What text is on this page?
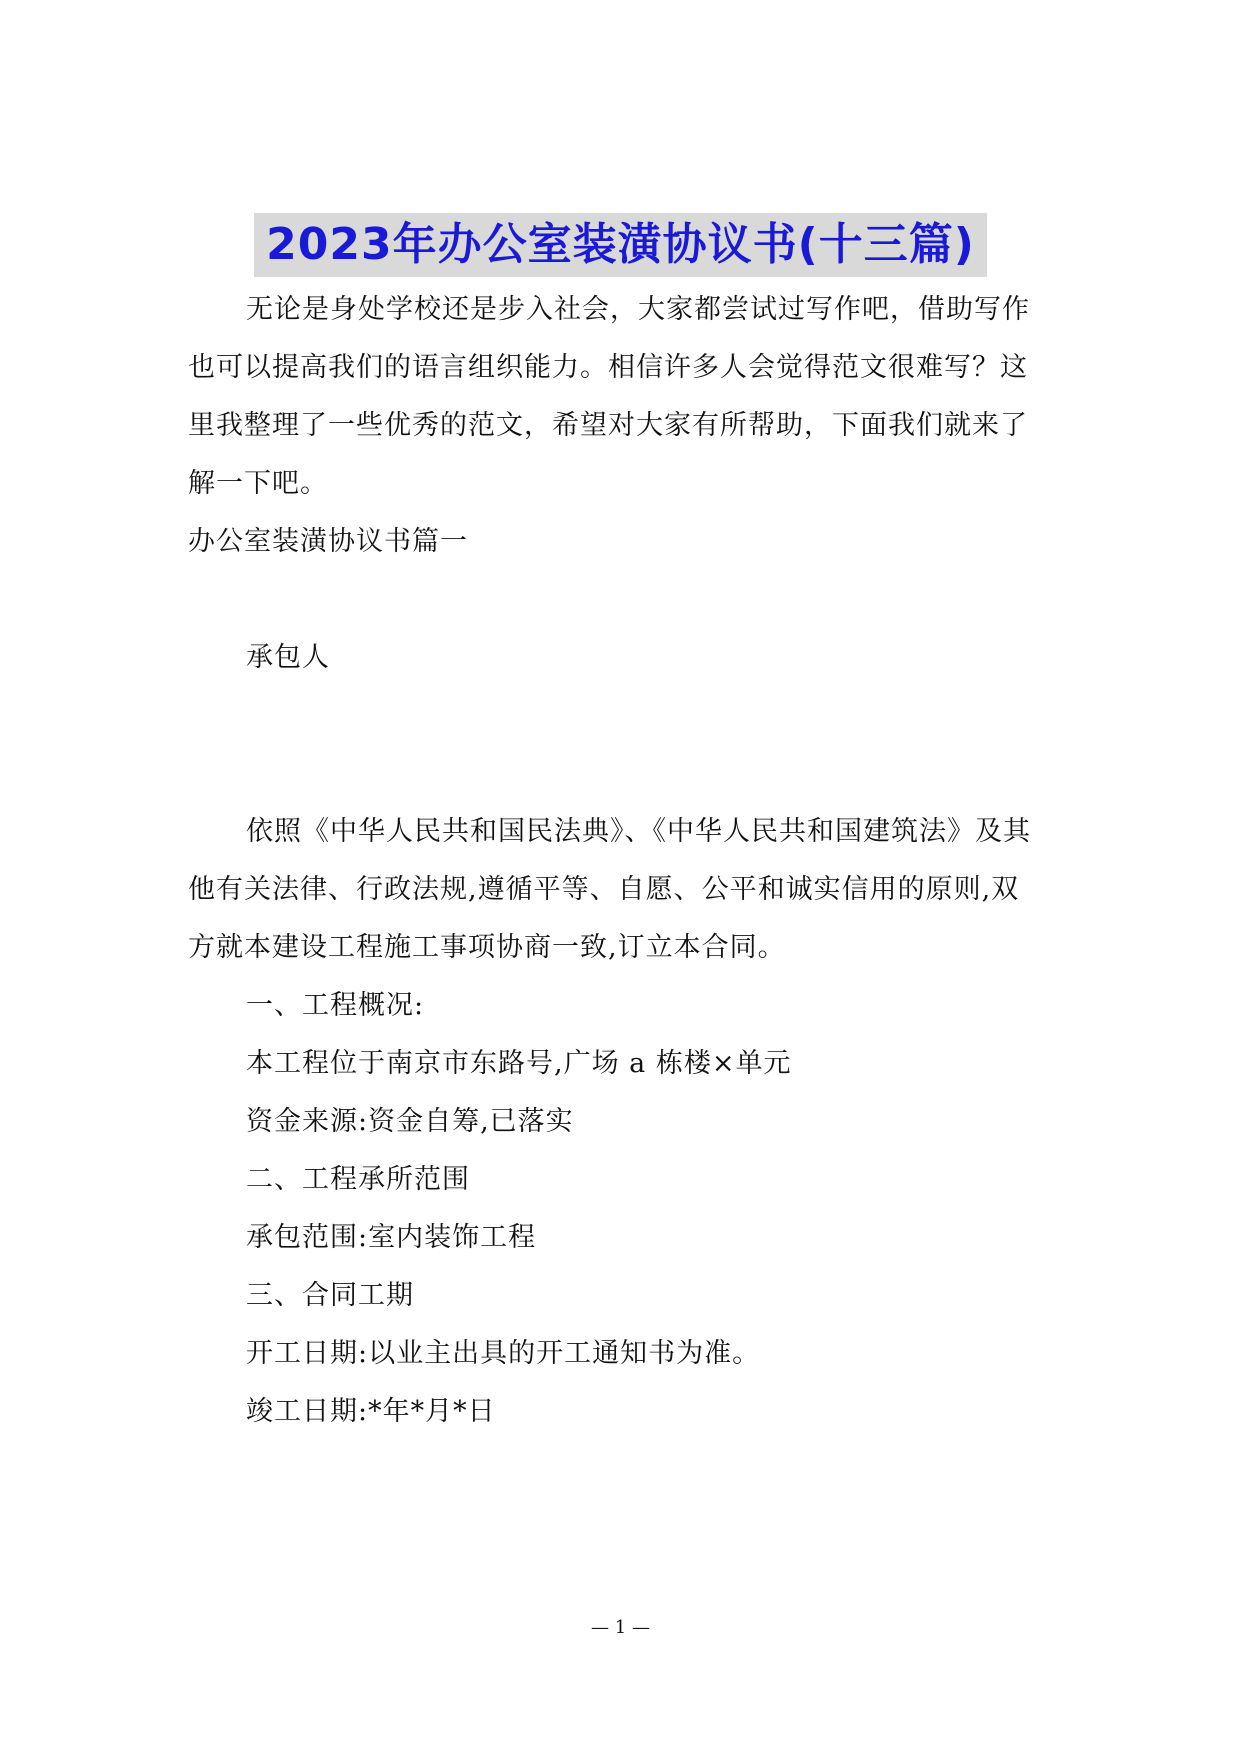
2023年办公室装潢协议书(十三篇)
无论是身处学校还是步入社会，大家都尝试过写作吧，借助写作
也可以提高我们的语言组织能力。相信许多人会觉得范文很难写？这
里我整理了一些优秀的范文，希望对大家有所帮助，下面我们就来了
解一下吧。
办公室装潢协议书篇一
承包人
依照《中华人民共和国民法典》、《中华人民共和国建筑法》及其
他有关法律、行政法规,遵循平等、自愿、公平和诚实信用的原则,双
方就本建设工程施工事项协商一致,订立本合同。
一、工程概况:
本工程位于南京市东路号,广场 a 栋楼×单元
资金来源:资金自筹,已落实
二、工程承所范围
承包范围:室内装饰工程
三、合同工期
开工日期:以业主出具的开工通知书为准。
竣工日期:*年*月*日
— 1 —
